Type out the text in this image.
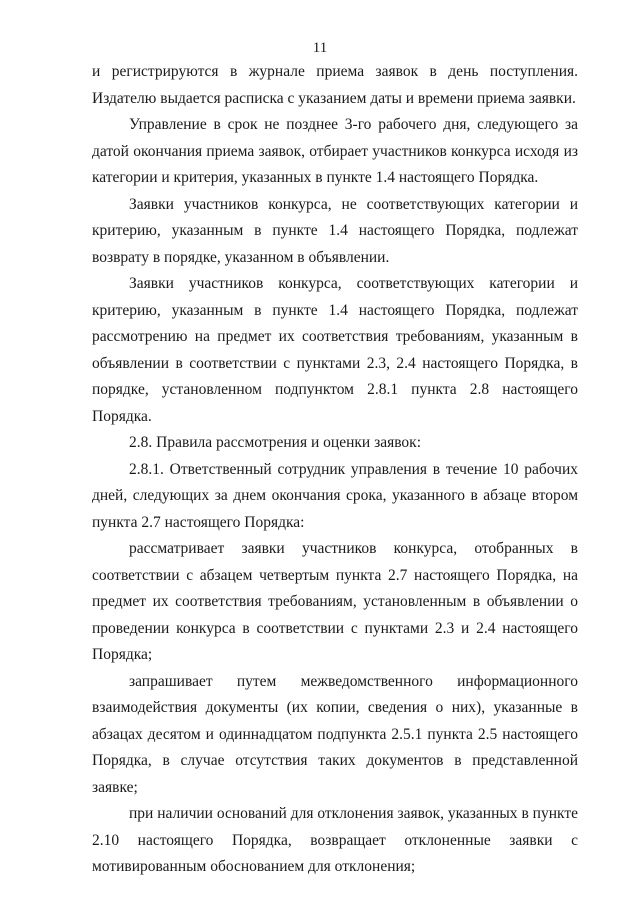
11

и регистрируются в журнале приема заявок в день поступления. Издателю выдается расписка с указанием даты и времени приема заявки.

Управление в срок не позднее 3-го рабочего дня, следующего за датой окончания приема заявок, отбирает участников конкурса исходя из категории и критерия, указанных в пункте 1.4 настоящего Порядка.

Заявки участников конкурса, не соответствующих категории и критерию, указанным в пункте 1.4 настоящего Порядка, подлежат возврату в порядке, указанном в объявлении.

Заявки участников конкурса, соответствующих категории и критерию, указанным в пункте 1.4 настоящего Порядка, подлежат рассмотрению на предмет их соответствия требованиям, указанным в объявлении в соответствии с пунктами 2.3, 2.4 настоящего Порядка, в порядке, установленном подпунктом 2.8.1 пункта 2.8 настоящего Порядка.

2.8. Правила рассмотрения и оценки заявок:

2.8.1. Ответственный сотрудник управления в течение 10 рабочих дней, следующих за днем окончания срока, указанного в абзаце втором пункта 2.7 настоящего Порядка:

рассматривает заявки участников конкурса, отобранных в соответствии с абзацем четвертым пункта 2.7 настоящего Порядка, на предмет их соответствия требованиям, установленным в объявлении о проведении конкурса в соответствии с пунктами 2.3 и 2.4 настоящего Порядка;

запрашивает путем межведомственного информационного взаимодействия документы (их копии, сведения о них), указанные в абзацах десятом и одиннадцатом подпункта 2.5.1 пункта 2.5 настоящего Порядка, в случае отсутствия таких документов в представленной заявке;

при наличии оснований для отклонения заявок, указанных в пункте 2.10 настоящего Порядка, возвращает отклоненные заявки с мотивированным обоснованием для отклонения;
